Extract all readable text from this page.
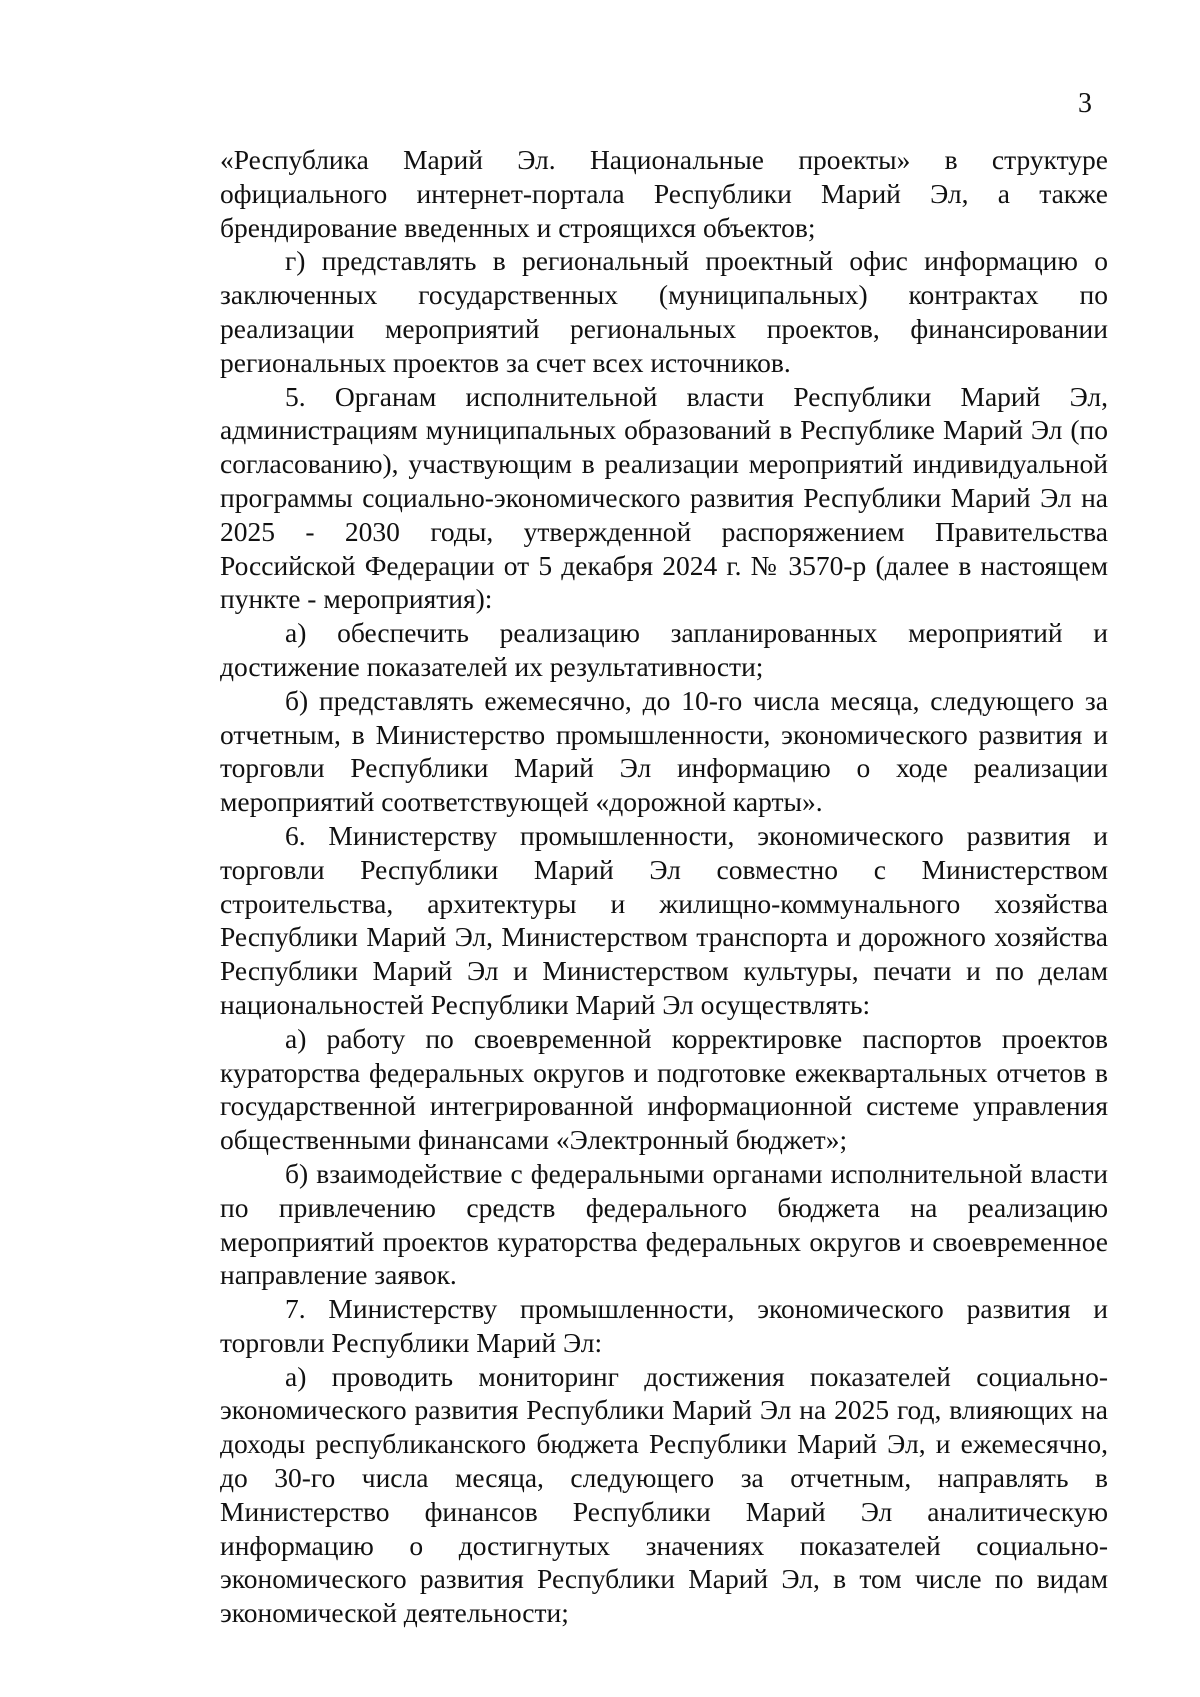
3

«Республика Марий Эл. Национальные проекты» в структуре официального интернет-портала Республики Марий Эл, а также брендирование введенных и строящихся объектов;

г) представлять в региональный проектный офис информацию о заключенных государственных (муниципальных) контрактах по реализации мероприятий региональных проектов, финансировании региональных проектов за счет всех источников.

5. Органам исполнительной власти Республики Марий Эл, администрациям муниципальных образований в Республике Марий Эл (по согласованию), участвующим в реализации мероприятий индивидуальной программы социально-экономического развития Республики Марий Эл на 2025 - 2030 годы, утвержденной распоряжением Правительства Российской Федерации от 5 декабря 2024 г. № 3570-р (далее в настоящем пункте - мероприятия):

а) обеспечить реализацию запланированных мероприятий и достижение показателей их результативности;

б) представлять ежемесячно, до 10-го числа месяца, следующего за отчетным, в Министерство промышленности, экономического развития и торговли Республики Марий Эл информацию о ходе реализации мероприятий соответствующей «дорожной карты».

6. Министерству промышленности, экономического развития и торговли Республики Марий Эл совместно с Министерством строительства, архитектуры и жилищно-коммунального хозяйства Республики Марий Эл, Министерством транспорта и дорожного хозяйства Республики Марий Эл и Министерством культуры, печати и по делам национальностей Республики Марий Эл осуществлять:

а) работу по своевременной корректировке паспортов проектов кураторства федеральных округов и подготовке ежеквартальных отчетов в государственной интегрированной информационной системе управления общественными финансами «Электронный бюджет»;

б) взаимодействие с федеральными органами исполнительной власти по привлечению средств федерального бюджета на реализацию мероприятий проектов кураторства федеральных округов и своевременное направление заявок.

7. Министерству промышленности, экономического развития и торговли Республики Марий Эл:

а) проводить мониторинг достижения показателей социально-экономического развития Республики Марий Эл на 2025 год, влияющих на доходы республиканского бюджета Республики Марий Эл, и ежемесячно, до 30-го числа месяца, следующего за отчетным, направлять в Министерство финансов Республики Марий Эл аналитическую информацию о достигнутых значениях показателей социально-экономического развития Республики Марий Эл, в том числе по видам экономической деятельности;
